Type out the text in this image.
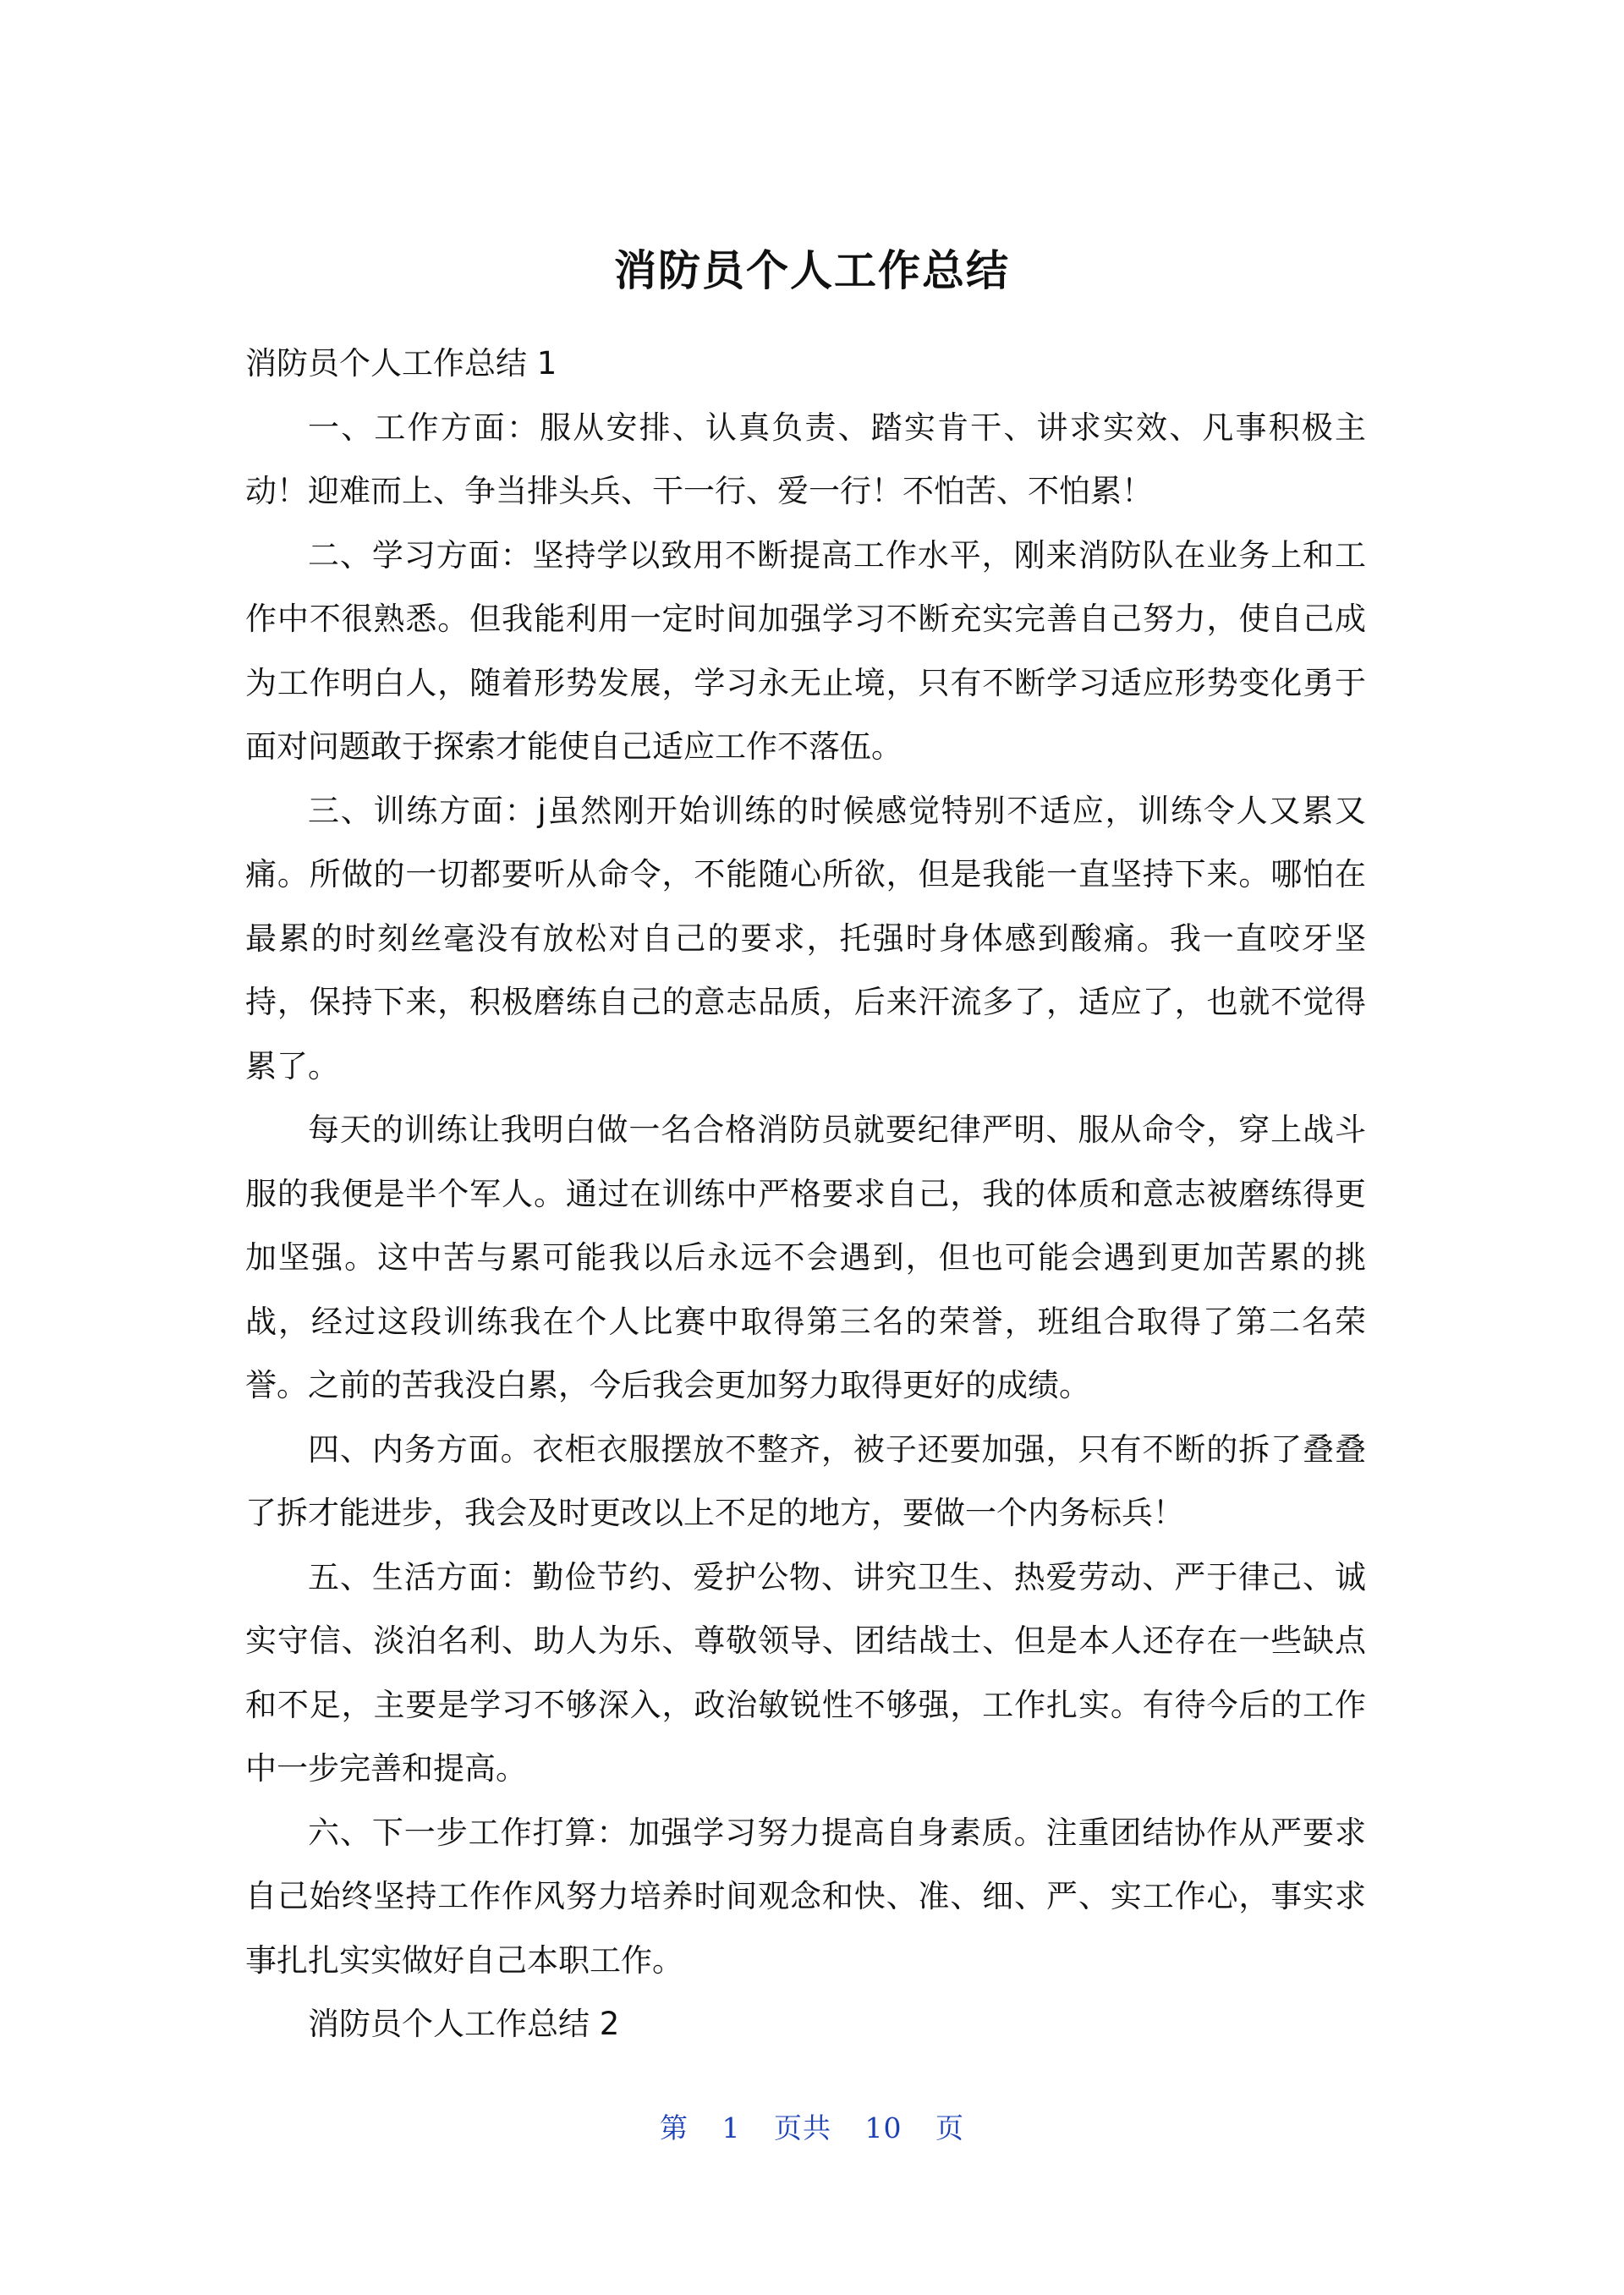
消防员个人工作总结

消防员个人工作总结 1

一、工作方面：服从安排、认真负责、踏实肯干、讲求实效、凡事积极主动！迎难而上、争当排头兵、干一行、爱一行！不怕苦、不怕累！

二、学习方面：坚持学以致用不断提高工作水平，刚来消防队在业务上和工作中不很熟悉。但我能利用一定时间加强学习不断充实完善自己努力，使自己成为工作明白人，随着形势发展，学习永无止境，只有不断学习适应形势变化勇于面对问题敢于探索才能使自己适应工作不落伍。

三、训练方面：j虽然刚开始训练的时候感觉特别不适应，训练令人又累又痛。所做的一切都要听从命令，不能随心所欲，但是我能一直坚持下来。哪怕在最累的时刻丝毫没有放松对自己的要求，托强时身体感到酸痛。我一直咬牙坚持，保持下来，积极磨练自己的意志品质，后来汗流多了，适应了，也就不觉得累了。

每天的训练让我明白做一名合格消防员就要纪律严明、服从命令，穿上战斗服的我便是半个军人。通过在训练中严格要求自己，我的体质和意志被磨练得更加坚强。这中苦与累可能我以后永远不会遇到，但也可能会遇到更加苦累的挑战，经过这段训练我在个人比赛中取得第三名的荣誉，班组合取得了第二名荣誉。之前的苦我没白累，今后我会更加努力取得更好的成绩。

四、内务方面。衣柜衣服摆放不整齐，被子还要加强，只有不断的拆了叠叠了拆才能进步，我会及时更改以上不足的地方，要做一个内务标兵！

五、生活方面：勤俭节约、爱护公物、讲究卫生、热爱劳动、严于律己、诚实守信、淡泊名利、助人为乐、尊敬领导、团结战士、但是本人还存在一些缺点和不足，主要是学习不够深入，政治敏锐性不够强，工作扎实。有待今后的工作中一步完善和提高。

六、下一步工作打算：加强学习努力提高自身素质。注重团结协作从严要求自己始终坚持工作作风努力培养时间观念和快、准、细、严、实工作心，事实求事扎扎实实做好自己本职工作。

消防员个人工作总结 2

第 1 页共 10 页
